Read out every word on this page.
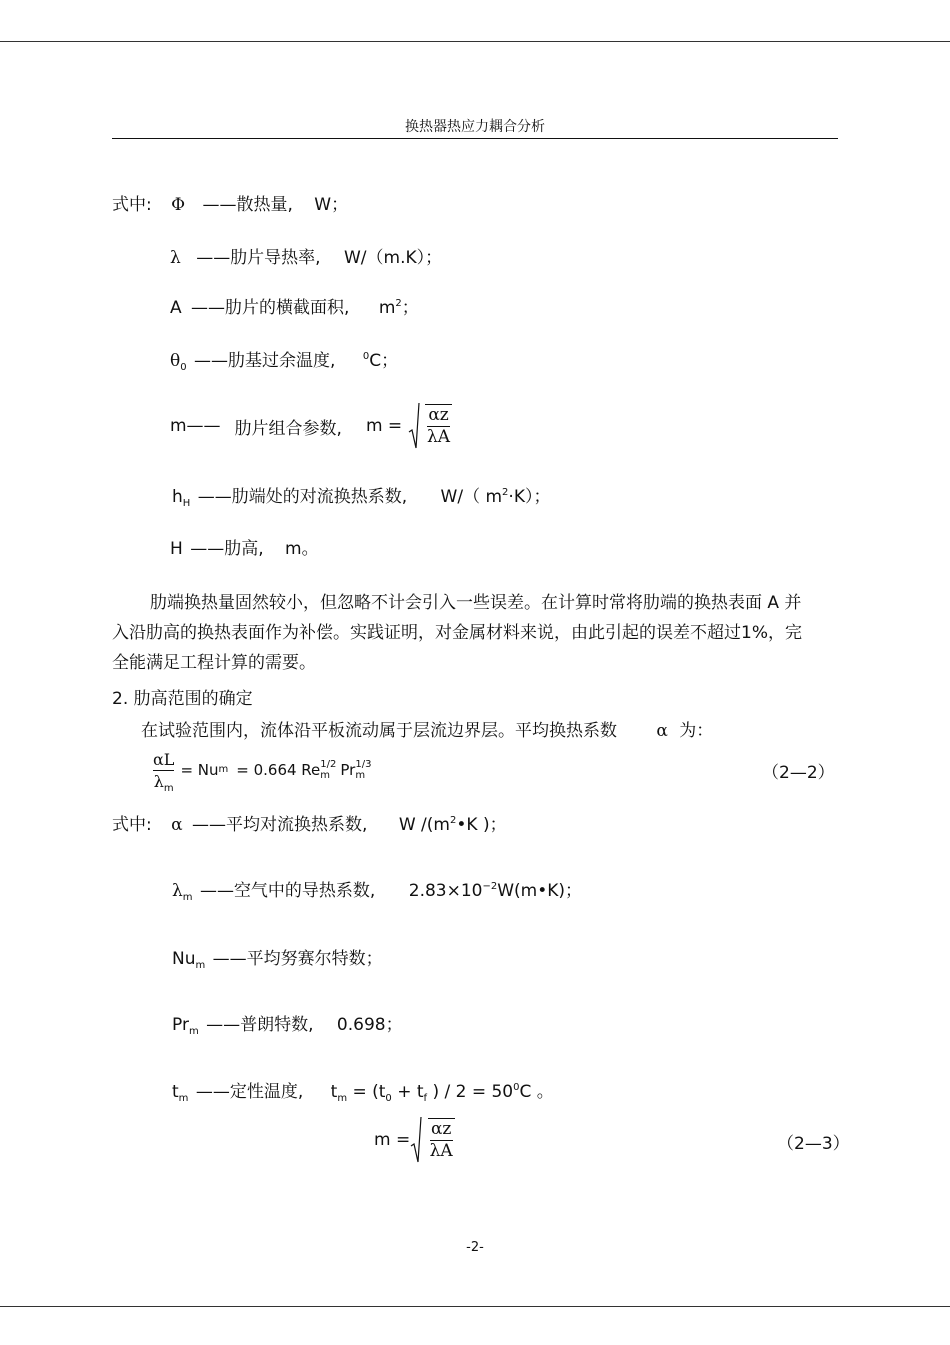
换热器热应力耦合分析
式中: Φ ——散热量, W；
λ ——肋片导热率, W/（m.K）；
A ——肋片的横截面积, $m^2$；
$\theta_0$ ——肋基过余温度,	$^0$C；
m—— 肋片组合参数, $m = \frac{\alpha z}{\lambda A}$
$h_H$ ——肋端处的对流换热系数, W/（ $m^2\cdot K$）；
H ——肋高, m。
肋端换热量固然较小，但忽略不计会引入一些误差。在计算时常将肋端的换热表面 A 并入沿肋高的换热表面作为补偿。实践证明，对金属材料来说，由此引起的误差不超过1%，完全能满足工程计算的需要。
2. 肋高范围的确定
在试验范围内，流体沿平板流动属于层流边界层。平均换热系数 α 为：
$\frac{\alpha L}{\lambda_m} = Nu$ m = 0.664 Re 1/2
m Pr 1/3
m	（2—2）
式中: α ——平均对流换热系数, W $/(m^2•K$ )；
$\lambda_m$ ——空气中的导热系数, $2.83\times 10^{-2}W(m•K)$；
$Nu_m$ ——平均努赛尔特数；
$Pr_m$ ——普朗特数, 0.698；
$t_m$ ——定性温度, $t_m = (t_0 + t_f$ ) / $2 = 50^0C$ 。
m =
$\frac{\alpha z}{\lambda A}$	（2—3）
-2-
